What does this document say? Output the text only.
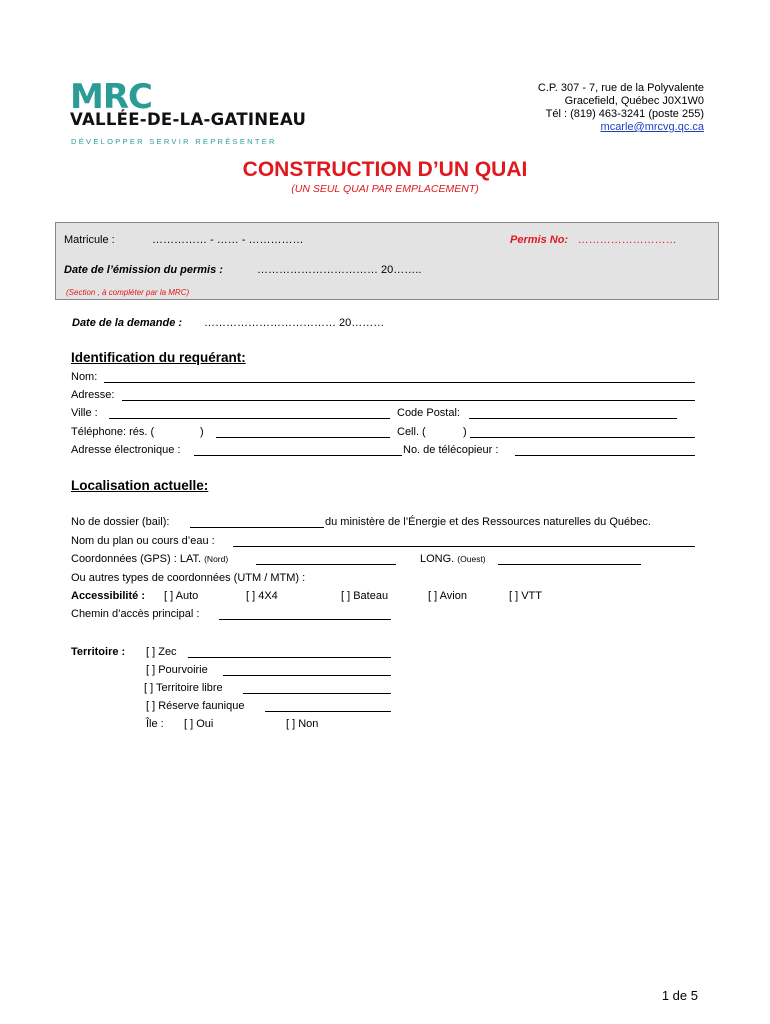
MRC
VALLÉE-DE-LA-GATINEAU
DÉVELOPPER SERVIR REPRÉSENTER
C.P. 307 - 7, rue de la Polyvalente
Gracefield, Québec J0X1W0
Tél : (819) 463-3241 (poste 255)
mcarle@mrcvg.qc.ca
CONSTRUCTION D’UN QUAI
(UN SEUL QUAI PAR EMPLACEMENT)
Matricule :	…………… - …… - ……………	Permis No: ………………………
Date de l’émission du permis :	…………………………… 20……..
(Section , à compléter par la MRC)
Date de la demande : ……………………………… 20………
Identification du requérant:
Nom:
Adresse:
Ville :	Code Postal:
Téléphone: rés. (	)	Cell. (	)
Adresse électronique :	No. de télécopieur :
Localisation actuelle:
No de dossier (bail):	du ministère de l’Énergie et des Ressources naturelles du Québec.
Nom du plan ou cours d’eau :
Coordonnées (GPS) : LAT. (Nord)	LONG. (Ouest)
Ou autres types de coordonnées (UTM / MTM) :
Accessibilité : [ ] Auto	[ ] 4X4	[ ] Bateau	[ ] Avion	[ ] VTT
Chemin d’accès principal :
Territoire : [ ] Zec
[ ] Pourvoirie
[ ] Territoire libre
[ ] Réserve faunique
Île : [ ] Oui	[ ] Non
1 de 5
